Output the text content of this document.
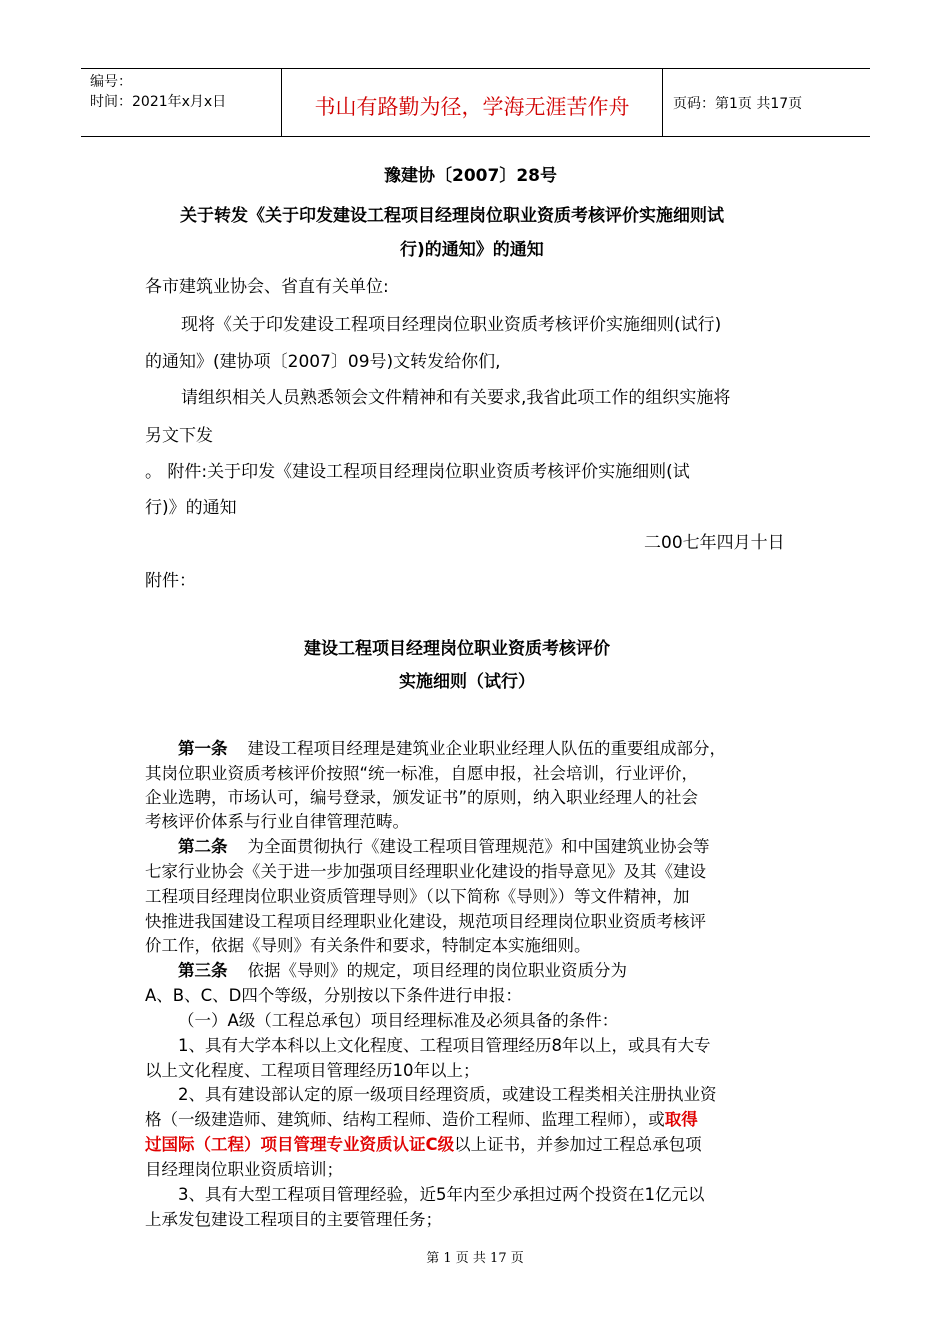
编号：
时间：2021年x月x日	书山有路勤为径，学海无涯苦作舟	页码：第1页 共17页
豫建协〔2007〕28号
关于转发《关于印发建设工程项目经理岗位职业资质考核评价实施细则试
行)的通知》的通知
各市建筑业协会、省直有关单位:
现将《关于印发建设工程项目经理岗位职业资质考核评价实施细则(试行)
的通知》(建协项〔2007〕09号)文转发给你们,
请组织相关人员熟悉领会文件精神和有关要求,我省此项工作的组织实施将
另文下发
。 附件:关于印发《建设工程项目经理岗位职业资质考核评价实施细则(试
行)》的通知
二00七年四月十日
附件：
建设工程项目经理岗位职业资质考核评价
实施细则（试行）
第一条 建设工程项目经理是建筑业企业职业经理人队伍的重要组成部分，
其岗位职业资质考核评价按照“统一标准，自愿申报，社会培训，行业评价，
企业选聘，市场认可，编号登录，颁发证书”的原则，纳入职业经理人的社会
考核评价体系与行业自律管理范畴。
第二条 为全面贯彻执行《建设工程项目管理规范》和中国建筑业协会等
七家行业协会《关于进一步加强项目经理职业化建设的指导意见》及其《建设
工程项目经理岗位职业资质管理导则》（以下简称《导则》）等文件精神，加
快推进我国建设工程项目经理职业化建设，规范项目经理岗位职业资质考核评
价工作，依据《导则》有关条件和要求，特制定本实施细则。
第三条 依据《导则》的规定，项目经理的岗位职业资质分为
A、B、C、D四个等级，分别按以下条件进行申报：
（一）A级（工程总承包）项目经理标准及必须具备的条件：
1、具有大学本科以上文化程度、工程项目管理经历8年以上，或具有大专
以上文化程度、工程项目管理经历10年以上；
2、具有建设部认定的原一级项目经理资质，或建设工程类相关注册执业资
格（一级建造师、建筑师、结构工程师、造价工程师、监理工程师），或取得
过国际（工程）项目管理专业资质认证C级以上证书，并参加过工程总承包项
目经理岗位职业资质培训；
3、具有大型工程项目管理经验，近5年内至少承担过两个投资在1亿元以
上承发包建设工程项目的主要管理任务；
第 1 页 共 17 页
